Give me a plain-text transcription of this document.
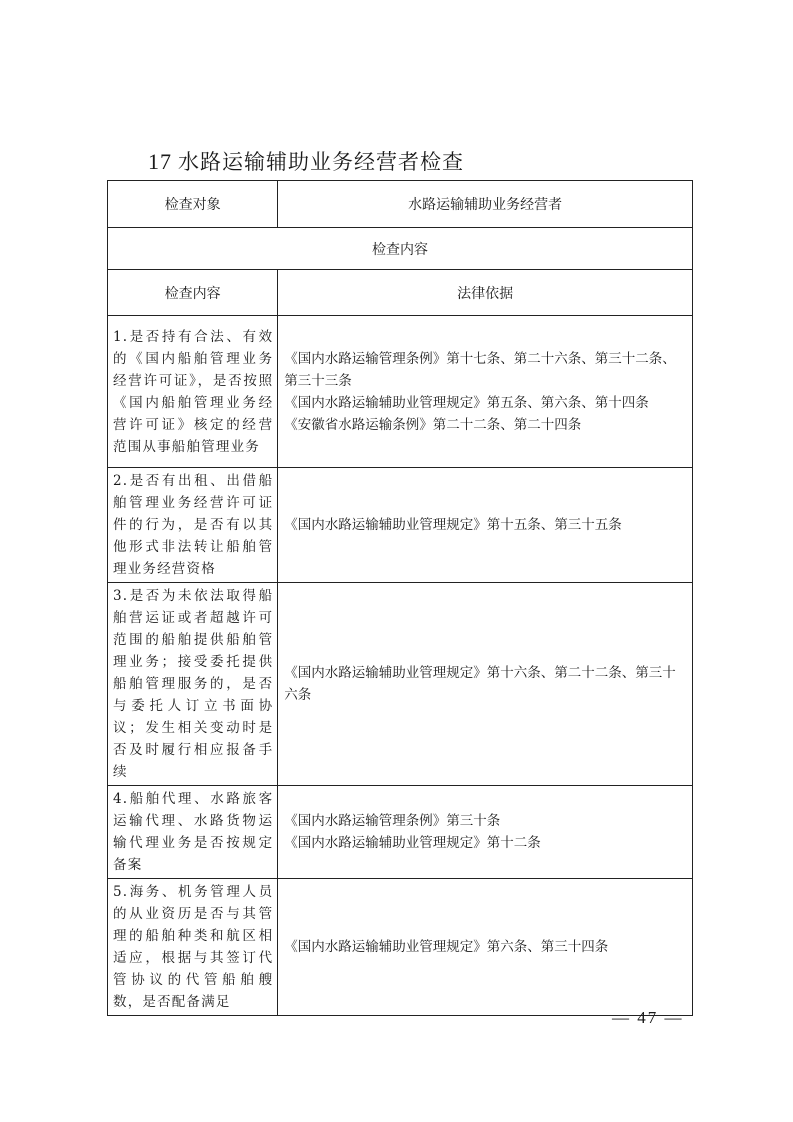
17 水路运输辅助业务经营者检查
检查对象	水路运输辅助业务经营者
检查内容	
检查内容	法律依据
1.是否持有合法、有效的《国内船舶管理业务经营许可证》，是否按照《国内船舶管理业务经营许可证》核定的经营范围从事船舶管理业务	《国内水路运输管理条例》第十七条、第二十六条、第三十二条、第三十三条
《国内水路运输辅助业管理规定》第五条、第六条、第十四条
《安徽省水路运输条例》第二十二条、第二十四条

2.是否有出租、出借船舶管理业务经营许可证件的行为，是否有以其他形式非法转让船舶管理业务经营资格	《国内水路运输辅助业管理规定》第十五条、第三十五条

3.是否为未依法取得船舶营运证或者超越许可范围的船舶提供船舶管理业务；接受委托提供船舶管理服务的，是否与委托人订立书面协议；发生相关变动时是否及时履行相应报备手续	《国内水路运输辅助业管理规定》第十六条、第二十二条、第三十六条

4.船舶代理、水路旅客运输代理、水路货物运输代理业务是否按规定备案	《国内水路运输管理条例》第三十条
《国内水路运输辅助业管理规定》第十二条

5.海务、机务管理人员的从业资历是否与其管理的船舶种类和航区相适应，根据与其签订代管协议的代管船舶艘数，是否配备满足	《国内水路运输辅助业管理规定》第六条、第三十四条
— 47 —
